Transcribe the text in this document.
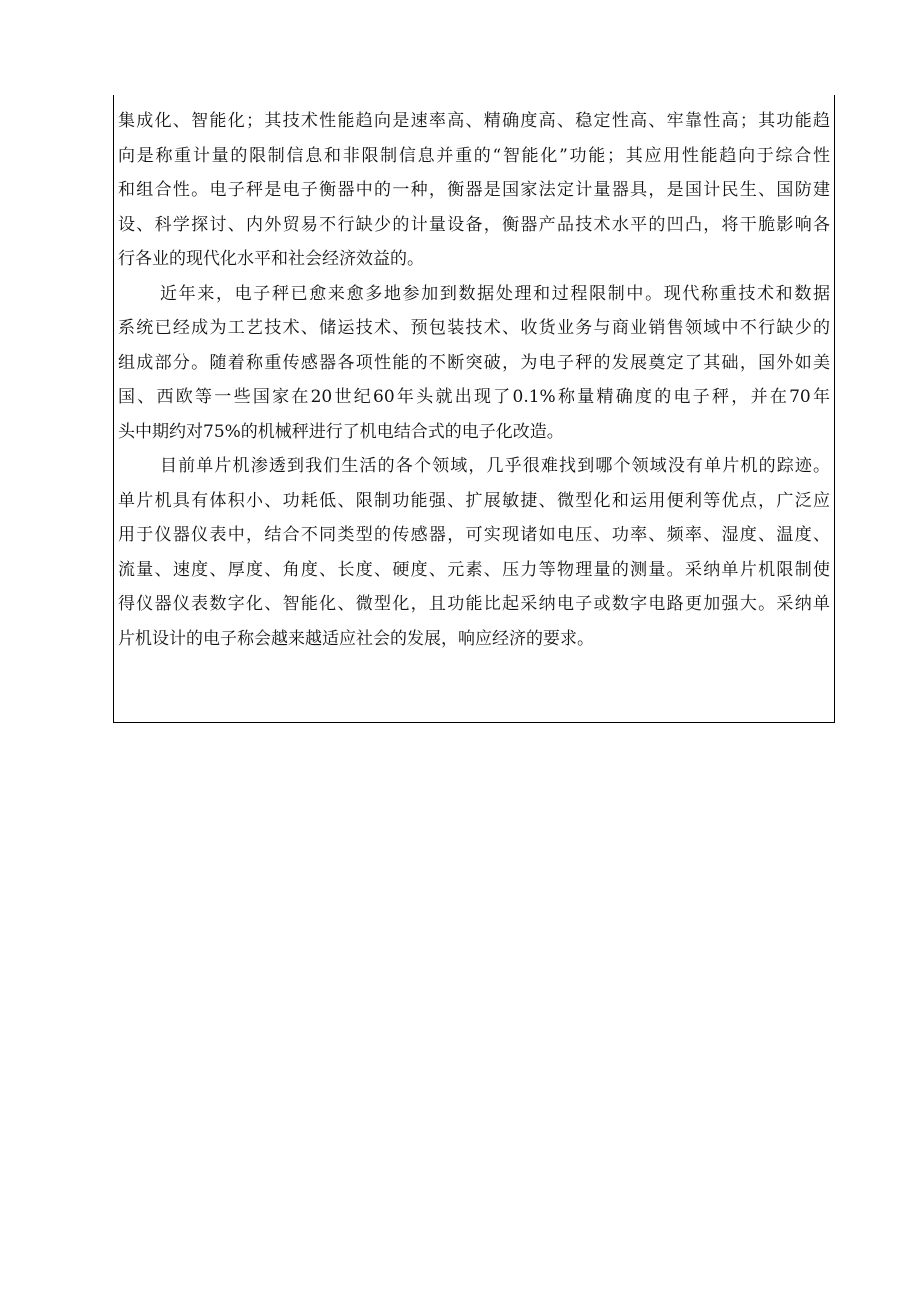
集成化、智能化；其技术性能趋向是速率高、精确度高、稳定性高、牢靠性高；其功能趋
向是称重计量的限制信息和非限制信息并重的“智能化”功能；其应用性能趋向于综合性
和组合性。电子秤是电子衡器中的一种，衡器是国家法定计量器具，是国计民生、国防建
设、科学探讨、内外贸易不行缺少的计量设备，衡器产品技术水平的凹凸，将干脆影响各
行各业的现代化水平和社会经济效益的。
近年来，电子秤已愈来愈多地参加到数据处理和过程限制中。现代称重技术和数据
系统已经成为工艺技术、储运技术、预包装技术、收货业务与商业销售领域中不行缺少的
组成部分。随着称重传感器各项性能的不断突破，为电子秤的发展奠定了其础，国外如美
国、西欧等一些国家在20世纪60年头就出现了0.1%称量精确度的电子秤，并在70年
头中期约对75%的机械秤进行了机电结合式的电子化改造。
目前单片机渗透到我们生活的各个领域，几乎很难找到哪个领域没有单片机的踪迹。
单片机具有体积小、功耗低、限制功能强、扩展敏捷、微型化和运用便利等优点，广泛应
用于仪器仪表中，结合不同类型的传感器，可实现诸如电压、功率、频率、湿度、温度、
流量、速度、厚度、角度、长度、硬度、元素、压力等物理量的测量。采纳单片机限制使
得仪器仪表数字化、智能化、微型化，且功能比起采纳电子或数字电路更加强大。采纳单
片机设计的电子称会越来越适应社会的发展，响应经济的要求。
